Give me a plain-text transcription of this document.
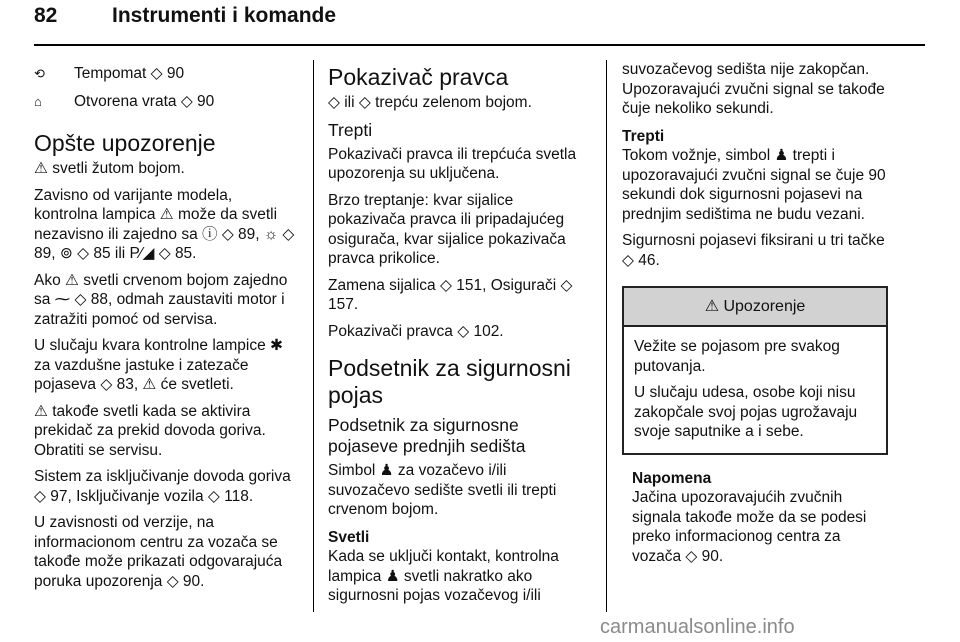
82	Instrumenti i komande
⟲	Tempomat ◇ 90
⌂	Otvorena vrata ◇ 90
Opšte upozorenje

⚠ svetli žutom bojom.

Zavisno od varijante modela, kontrolna lampica ⚠ može da svetli nezavisno ili zajedno sa ⓘ ◇ 89, ☼ ◇ 89, ⊚ ◇ 85 ili P⁄◢ ◇ 85.

Ako ⚠ svetli crvenom bojom zajedno sa ⁓ ◇ 88, odmah zaustaviti motor i zatražiti pomoć od servisa.

U slučaju kvara kontrolne lampice ✱ za vazdušne jastuke i zatezače pojaseva ◇ 83, ⚠ će svetleti.

⚠ takođe svetli kada se aktivira prekidač za prekid dovoda goriva. Obratiti se servisu.

Sistem za isključivanje dovoda goriva ◇ 97, Isključivanje vozila ◇ 118.

U zavisnosti od verzije, na informacionom centru za vozača se takođe može prikazati odgovarajuća poruka upozorenja ◇ 90.

Pokazivač pravca

◇ ili ◇ trepću zelenom bojom.

Trepti

Pokazivači pravca ili trepćuća svetla upozorenja su uključena.

Brzo treptanje: kvar sijalice pokazivača pravca ili pripadajućeg osigurača, kvar sijalice pokazivača pravca prikolice.

Zamena sijalica ◇ 151, Osigurači ◇ 157.

Pokazivači pravca ◇ 102.

Podsetnik za sigurnosni pojas
Podsetnik za sigurnosne pojaseve prednjih sedišta

Simbol ♟ za vozačevo i/ili suvozačevo sedište svetli ili trepti crvenom bojom.

Svetli

Kada se uključi kontakt, kontrolna lampica ♟ svetli nakratko ako sigurnosni pojas vozačevog i/ili

suvozačevog sedišta nije zakopčan. Upozoravajući zvučni signal se takođe čuje nekoliko sekundi.

Trepti

Tokom vožnje, simbol ♟ trepti i upozoravajući zvučni signal se čuje 90 sekundi dok sigurnosni pojasevi na prednjim sedištima ne budu vezani.

Sigurnosni pojasevi fiksirani u tri tačke ◇ 46.

⚠ Upozorenje

Vežite se pojasom pre svakog putovanja.

U slučaju udesa, osobe koji nisu zakopčale svoj pojas ugrožavaju svoje saputnike a i sebe.

Napomena

Jačina upozoravajućih zvučnih signala takođe može da se podesi preko informacionog centra za vozača ◇ 90.

carmanualsonline.info
